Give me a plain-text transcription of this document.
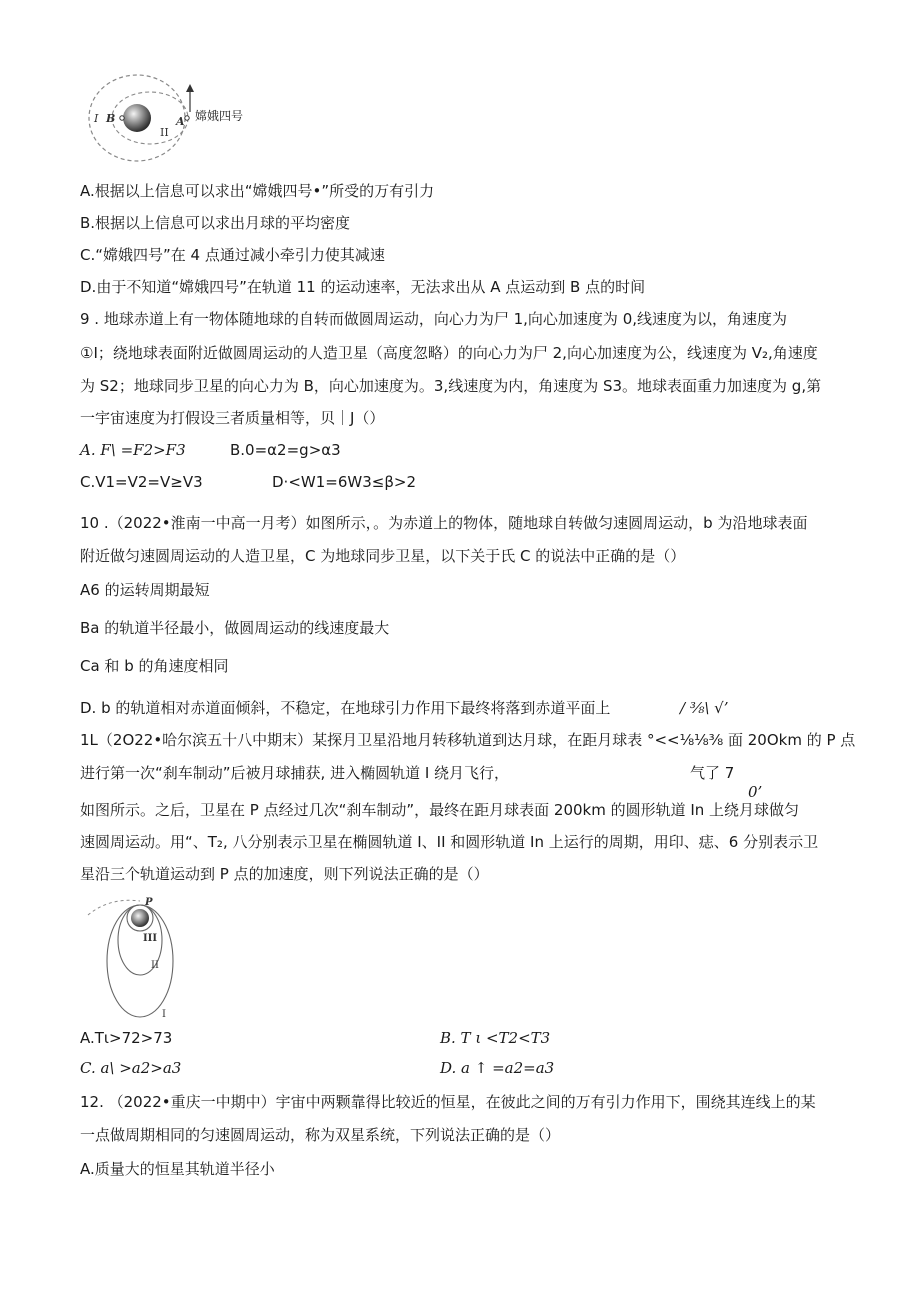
I B
II
A 嫦娥四号
A.根据以上信息可以求出“嫦娥四号•”所受的万有引力
B.根据以上信息可以求出月球的平均密度
C.“嫦娥四号”在 4 点通过减小牵引力使其减速
D.由于不知道“嫦娥四号”在轨道 11 的运动速率，无法求出从 A 点运动到 B 点的时间
9 . 地球赤道上有一物体随地球的自转而做圆周运动，向心力为尸 1,向心加速度为 0,线速度为以，角速度为
①I；绕地球表面附近做圆周运动的人造卫星（高度忽略）的向心力为尸 2,向心加速度为公，线速度为 V₂,角速度
为 S2；地球同步卫星的向心力为 B，向心加速度为。3,线速度为内，角速度为 S3。地球表面重力加速度为 g,第
一宇宙速度为打假设三者质量相等，贝｜J（）
A. F\ =F2>F3	B.0=α2=g>α3
C.V1=V2=V≥V3	D·<W1=6W3≤β>2
10 .（2022•淮南一中高一月考）如图所示，。为赤道上的物体，随地球自转做匀速圆周运动，b 为沿地球表面
附近做匀速圆周运动的人造卫星，C 为地球同步卫星，以下关于氏 C 的说法中正确的是（）
A6 的运转周期最短
Ba 的轨道半径最小，做圆周运动的线速度最大
Ca 和 b 的角速度相同
D. b 的轨道相对赤道面倾斜，不稳定，在地球引力作用下最终将落到赤道平面上	/ ⅜\ √’
1L（2O22•哈尔滨五十八中期末）某探月卫星沿地月转移轨道到达月球，在距月球表 °<<⅛⅛⅜ 面 20Okm 的 P 点
进行第一次“刹车制动”后被月球捕获, 进入椭圆轨道 I 绕月飞行，	气了 7
0’
如图所示。之后，卫星在 P 点经过几次“刹车制动”，最终在距月球表面 200km 的圆形轨道 In 上绕月球做匀
速圆周运动。用“、T₂, 八分别表示卫星在椭圆轨道 I、II 和圆形轨道 In 上运行的周期，用印、痣、6 分别表示卫
星沿三个轨道运动到 P 点的加速度，则下列说法正确的是（）
P
III
II
I
A.Tι>72>73	B. T ι <T2<T3
C. a\ >a2>a3	D. a ↑ =a2=a3
12. （2022•重庆一中期中）宇宙中两颗靠得比较近的恒星，在彼此之间的万有引力作用下，围绕其连线上的某
一点做周期相同的匀速圆周运动，称为双星系统，下列说法正确的是（）
A.质量大的恒星其轨道半径小
